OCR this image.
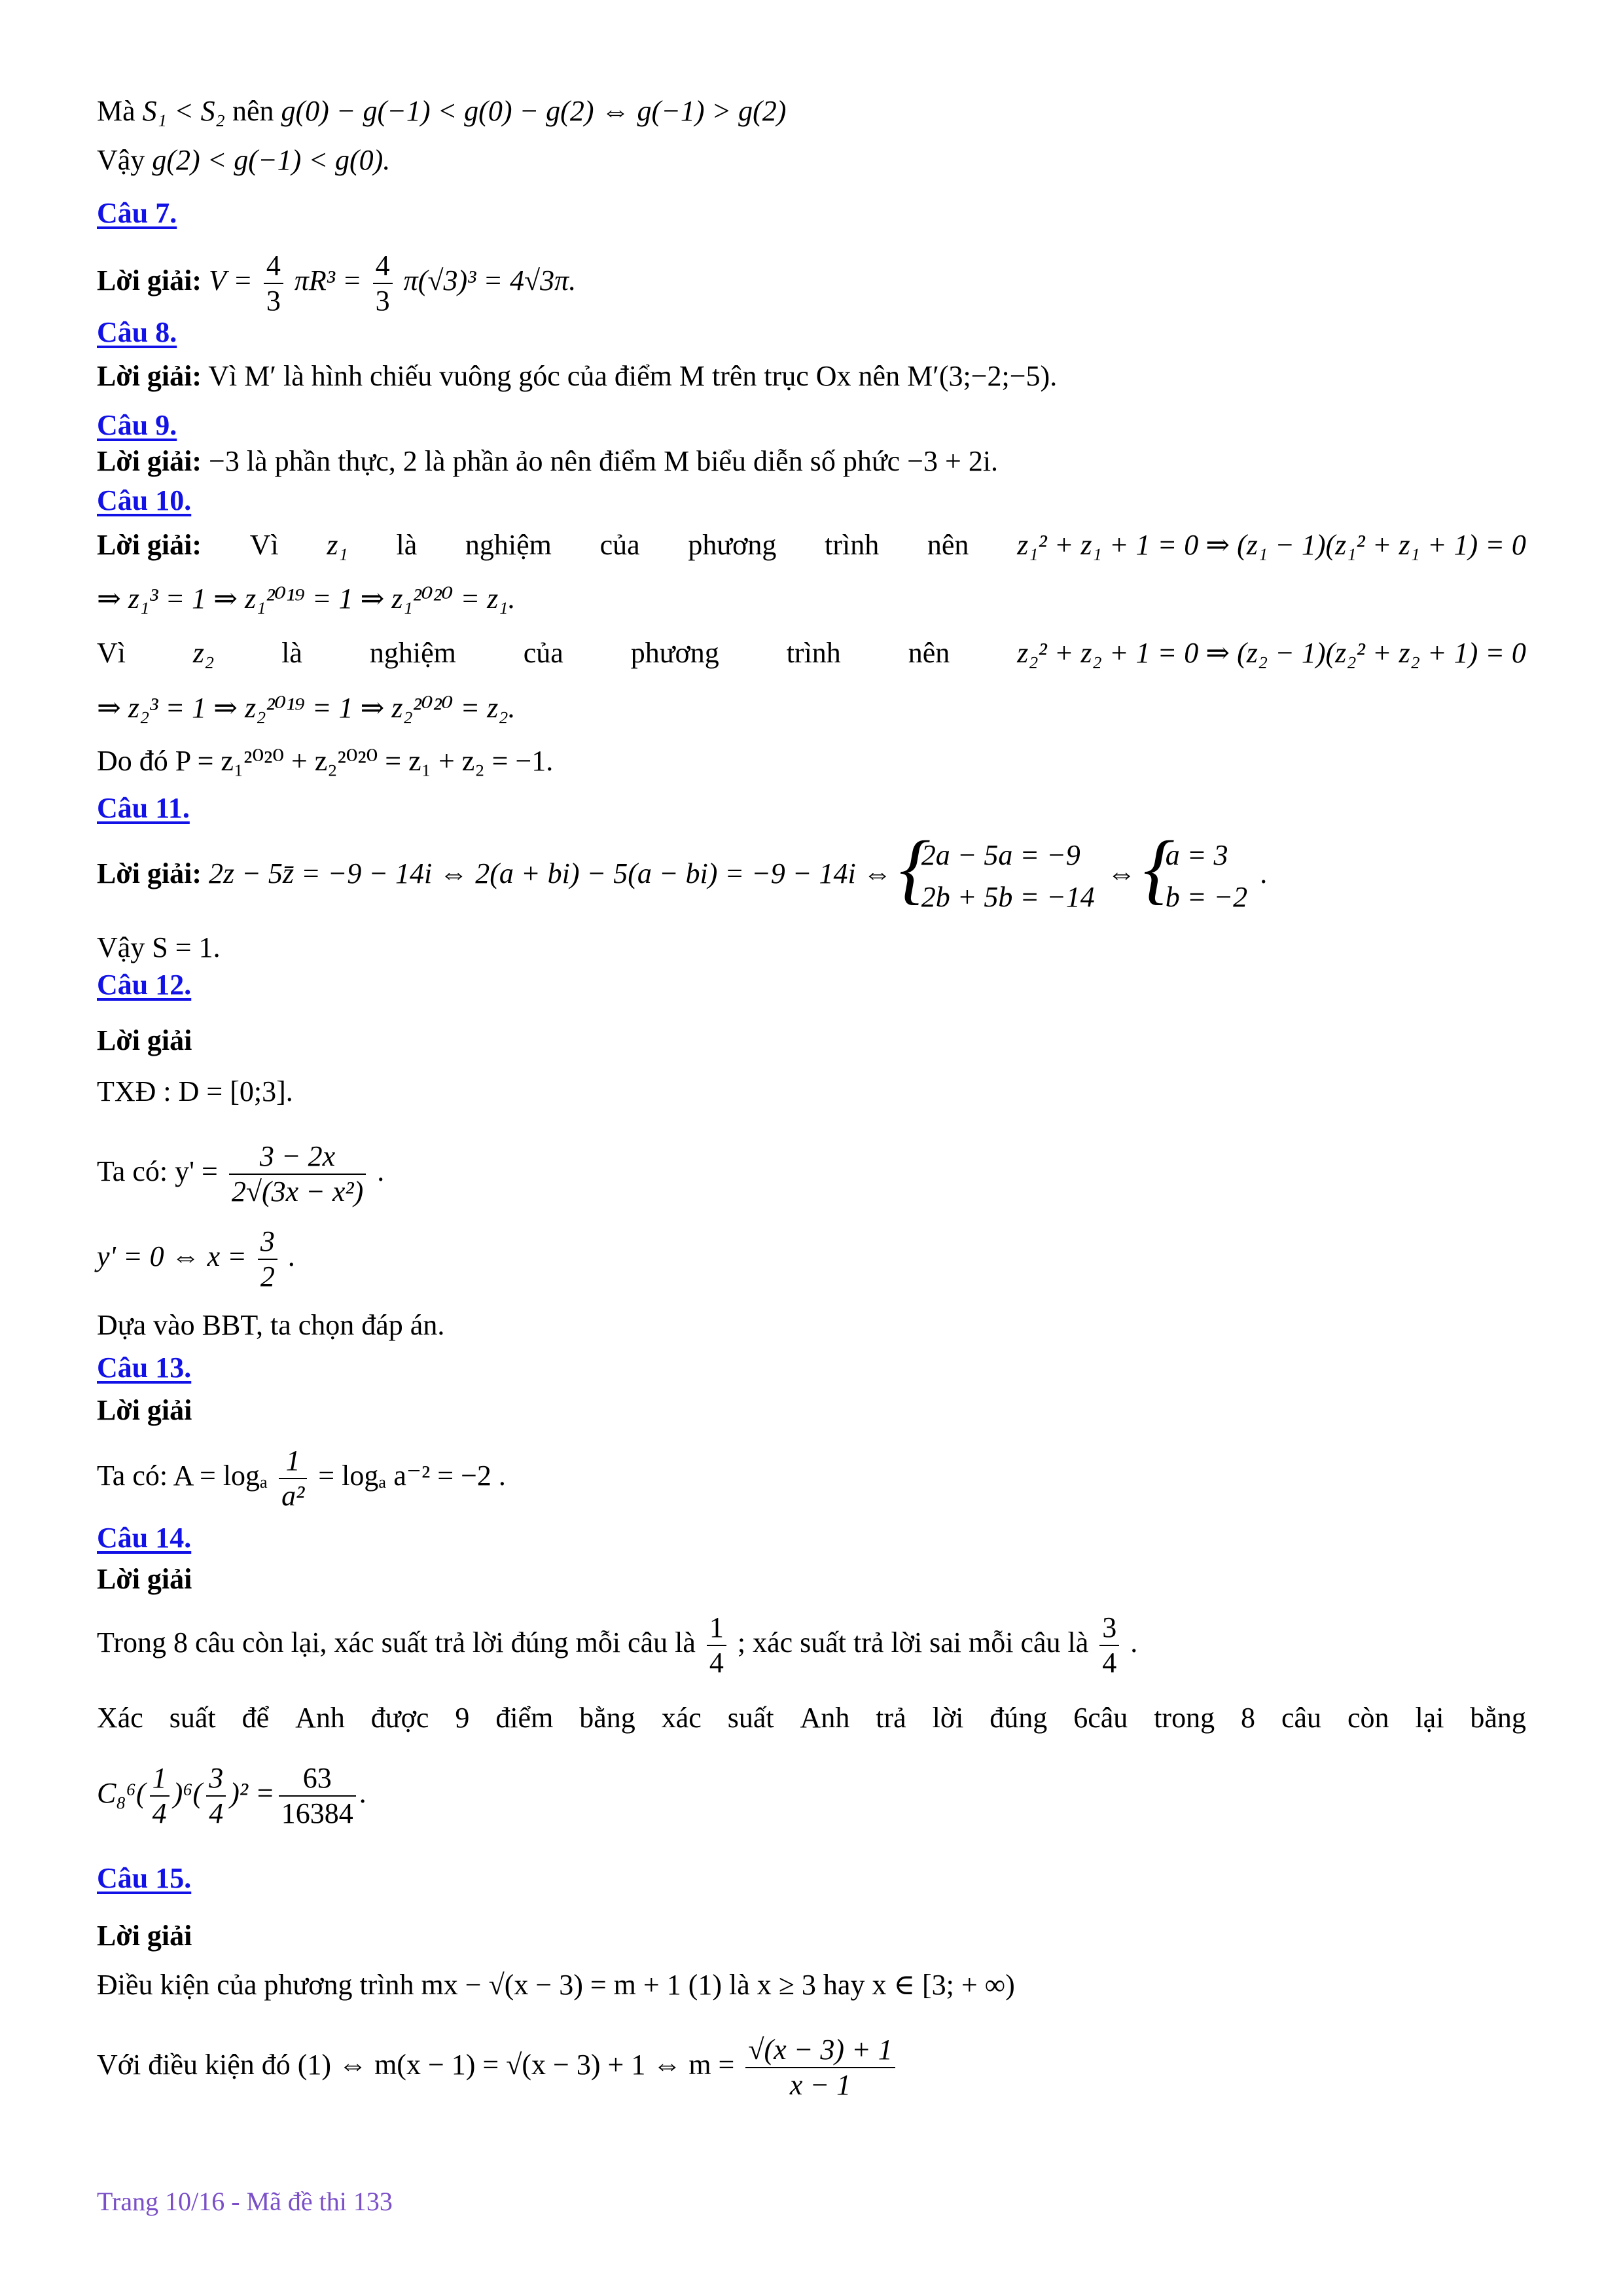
Mà S₁ < S₂ nên g(0) − g(−1) < g(0) − g(2) ⇔ g(−1) > g(2)
Vậy g(2) < g(−1) < g(0).
Câu 7.
Lời giải: $V = \frac{4}{3} \pi R^3 = \frac{4}{3} \pi(√3)^3 = 4√3\pi$.
Câu 8.
Lời giải: Vì M′ là hình chiếu vuông góc của điểm M trên trục Ox nên M′(3;−2;−5).
Câu 9.
Lời giải: −3 là phần thực, 2 là phần ảo nên điểm M biểu diễn số phức −3 + 2i.
Câu 10.
Lời giải: Vì z₁ là nghiệm của phương trình nên z₁² + z₁ + 1 = 0 ⇒ (z₁ − 1)(z₁² + z₁ + 1) = 0
⇒ z₁³ = 1 ⇒ z₁²⁰¹⁹ = 1 ⇒ z₁²⁰²⁰ = z₁.
Vì z₂ là nghiệm của phương trình nên z₂² + z₂ + 1 = 0 ⇒ (z₂ − 1)(z₂² + z₂ + 1) = 0
⇒ z₂³ = 1 ⇒ z₂²⁰¹⁹ = 1 ⇒ z₂²⁰²⁰ = z₂.
Do đó P = z₁²⁰²⁰ + z₂²⁰²⁰ = z₁ + z₂ = −1.
Câu 11.
Lời giải: 2z − 5z̄ = −9 − 14i ⇔ 2(a + bi) − 5(a − bi) = −9 − 14i ⇔
{ 2a − 5a = −9
2b + 5b = −14
⇔
{ a = 3
b = −2
.
Vậy S = 1.
Câu 12.
Lời giải
TXĐ : D = [0;3].
Ta có: $y' = \frac{3 - 2x}{\text{2√(3x − x²)}}$ .
y' = 0 ⇔ $x = \frac{3}{2}$ .
Dựa vào BBT, ta chọn đáp án.
Câu 13.
Lời giải
Ta có: A = logₐ $\frac{1}{\text{a²}} = \log_a$ a⁻² = −2 .
Câu 14.
Lời giải
Trong 8 câu còn lại, xác suất trả lời đúng mỗi câu là $\frac{1}{4}$ ; xác suất trả lời sai mỗi câu là $\frac{3}{4}$ .
Xác suất để Anh được 9 điểm bằng xác suất Anh trả lời đúng 6câu trong 8 câu còn lại bằng
$C_8^6( \frac{1}{4} )^6( \frac{3}{4} )^2 = \frac{63}{16384}$ .
Câu 15.
Lời giải
Điều kiện của phương trình mx − √(x − 3) = m + 1 (1) là x ≥ 3 hay x ∈ [3; + ∞)
Với điều kiện đó (1) ⇔ m(x − 1) = √(x − 3) + 1 ⇔ $m = \frac{√(x - 3) + 1}{x - 1}$
Trang 10/16 - Mã đề thi 133
